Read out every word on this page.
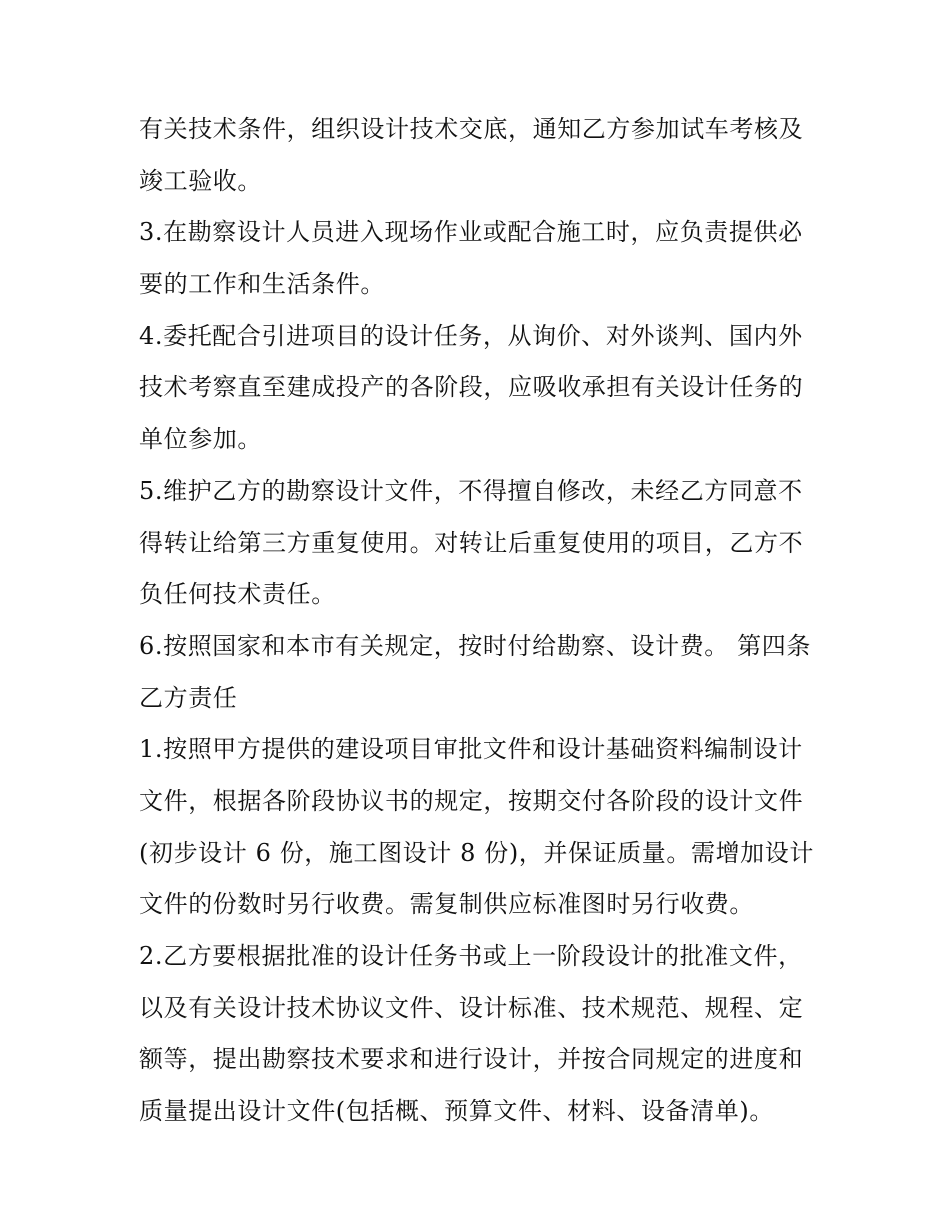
有关技术条件，组织设计技术交底，通知乙方参加试车考核及
竣工验收。
3.在勘察设计人员进入现场作业或配合施工时，应负责提供必
要的工作和生活条件。
4.委托配合引进项目的设计任务，从询价、对外谈判、国内外
技术考察直至建成投产的各阶段，应吸收承担有关设计任务的
单位参加。
5.维护乙方的勘察设计文件，不得擅自修改，未经乙方同意不
得转让给第三方重复使用。对转让后重复使用的项目，乙方不
负任何技术责任。
6.按照国家和本市有关规定，按时付给勘察、设计费。 第四条
乙方责任
1.按照甲方提供的建设项目审批文件和设计基础资料编制设计
文件，根据各阶段协议书的规定，按期交付各阶段的设计文件
(初步设计 6 份，施工图设计 8 份)，并保证质量。需增加设计
文件的份数时另行收费。需复制供应标准图时另行收费。
2.乙方要根据批准的设计任务书或上一阶段设计的批准文件，
以及有关设计技术协议文件、设计标准、技术规范、规程、定
额等，提出勘察技术要求和进行设计，并按合同规定的进度和
质量提出设计文件(包括概、预算文件、材料、设备清单)。
